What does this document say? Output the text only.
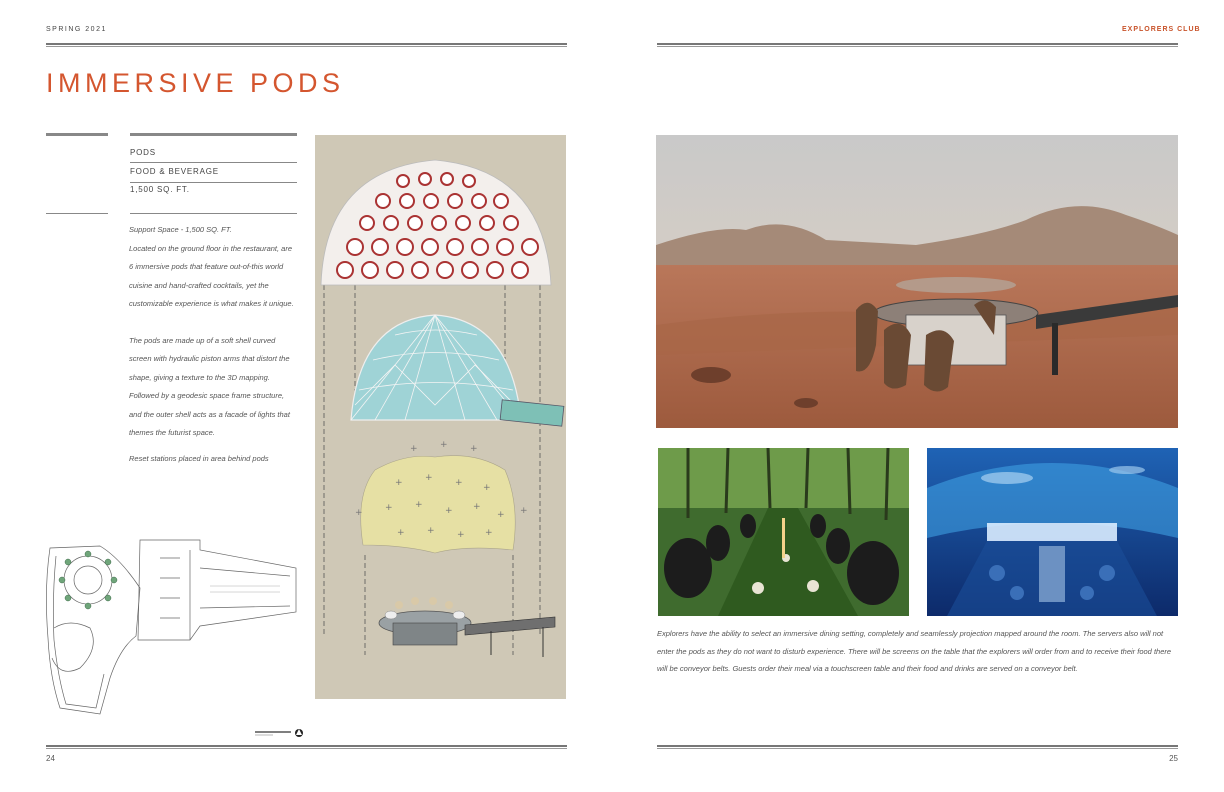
SPRING 2021	EXPLORERS CLUB
IMMERSIVE PODS
PODS
FOOD & BEVERAGE
1,500 SQ. FT.
Support Space - 1,500 SQ. FT.
Located on the ground floor in the restaurant, are 6 immersive pods that feature out-of-this world cuisine and hand-crafted cocktails, yet the customizable experience is what makes it unique.
The pods are made up of a soft shell curved screen with hydraulic piston arms that distort the shape, giving a texture to the 3D mapping. Followed by a geodesic space frame structure, and the outer shell acts as a facade of lights that themes the futurist space.
Reset stations placed in area behind pods
+ + + +
+ +
+ +
+
+ + + +
+ + +
+	+
Explorers have the ability to select an immersive dining setting, completely and seamlessly projection mapped around the room. The servers also will not enter the pods as they do not want to disturb experience. There will be screens on the table that the explorers will order from and to receive their food there will be conveyor belts. Guests order their meal via a touchscreen table and their food and drinks are served on a conveyor belt.
24	25
